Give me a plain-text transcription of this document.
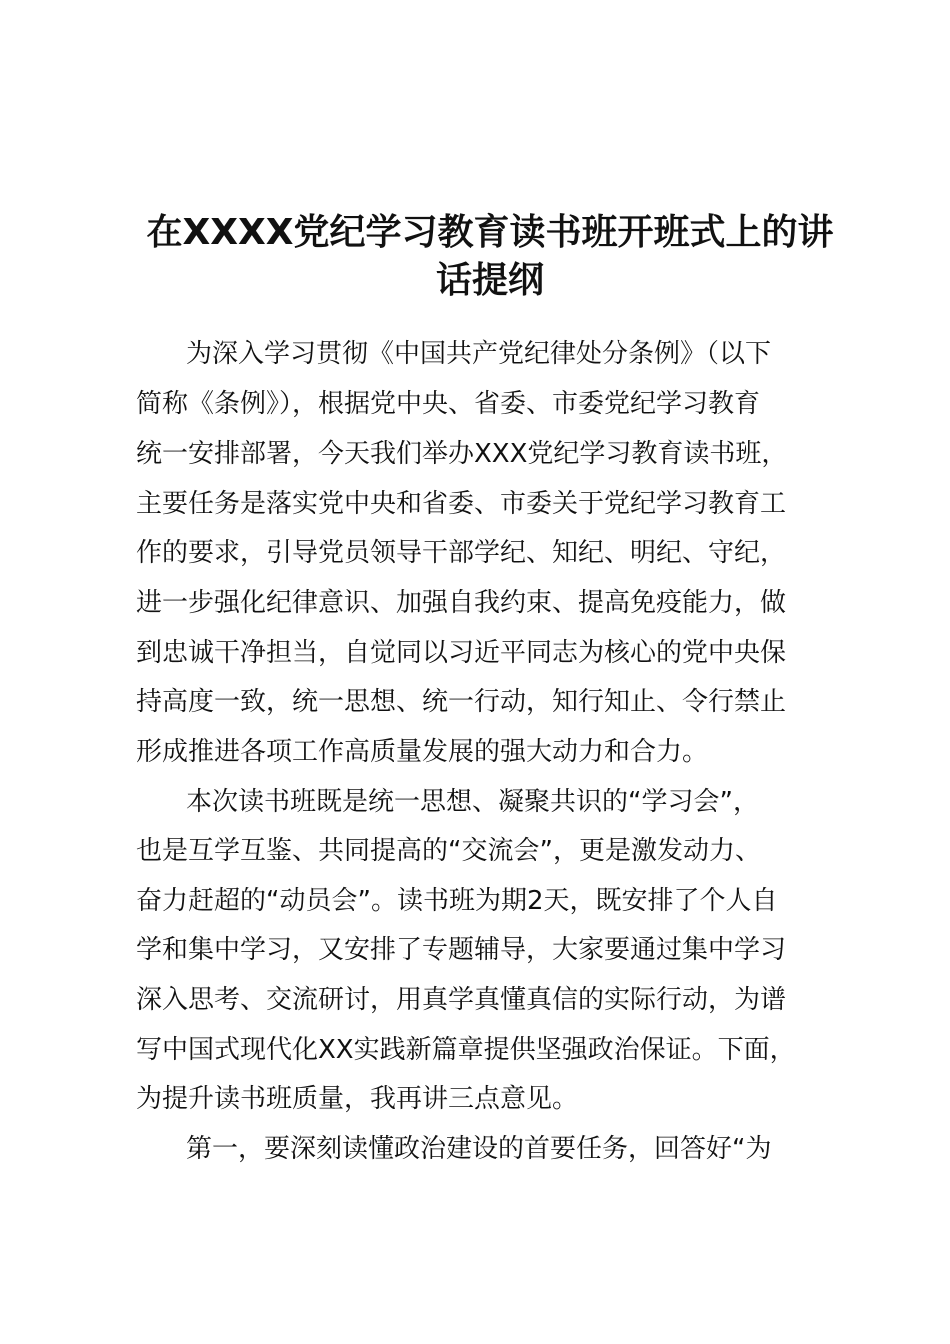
在XXXX党纪学习教育读书班开班式上的讲
话提纲
为深入学习贯彻《中国共产党纪律处分条例》（以下
简称《条例》），根据党中央、省委、市委党纪学习教育
统一安排部署，今天我们举办XXX党纪学习教育读书班，
主要任务是落实党中央和省委、市委关于党纪学习教育工
作的要求，引导党员领导干部学纪、知纪、明纪、守纪，
进一步强化纪律意识、加强自我约束、提高免疫能力，做
到忠诚干净担当，自觉同以习近平同志为核心的党中央保
持高度一致，统一思想、统一行动，知行知止、令行禁止
形成推进各项工作高质量发展的强大动力和合力。
本次读书班既是统一思想、凝聚共识的“学习会”，
也是互学互鉴、共同提高的“交流会”，更是激发动力、
奋力赶超的“动员会”。读书班为期2天，既安排了个人自
学和集中学习，又安排了专题辅导，大家要通过集中学习
深入思考、交流研讨，用真学真懂真信的实际行动，为谱
写中国式现代化XX实践新篇章提供坚强政治保证。下面，
为提升读书班质量，我再讲三点意见。
第一，要深刻读懂政治建设的首要任务，回答好“为
